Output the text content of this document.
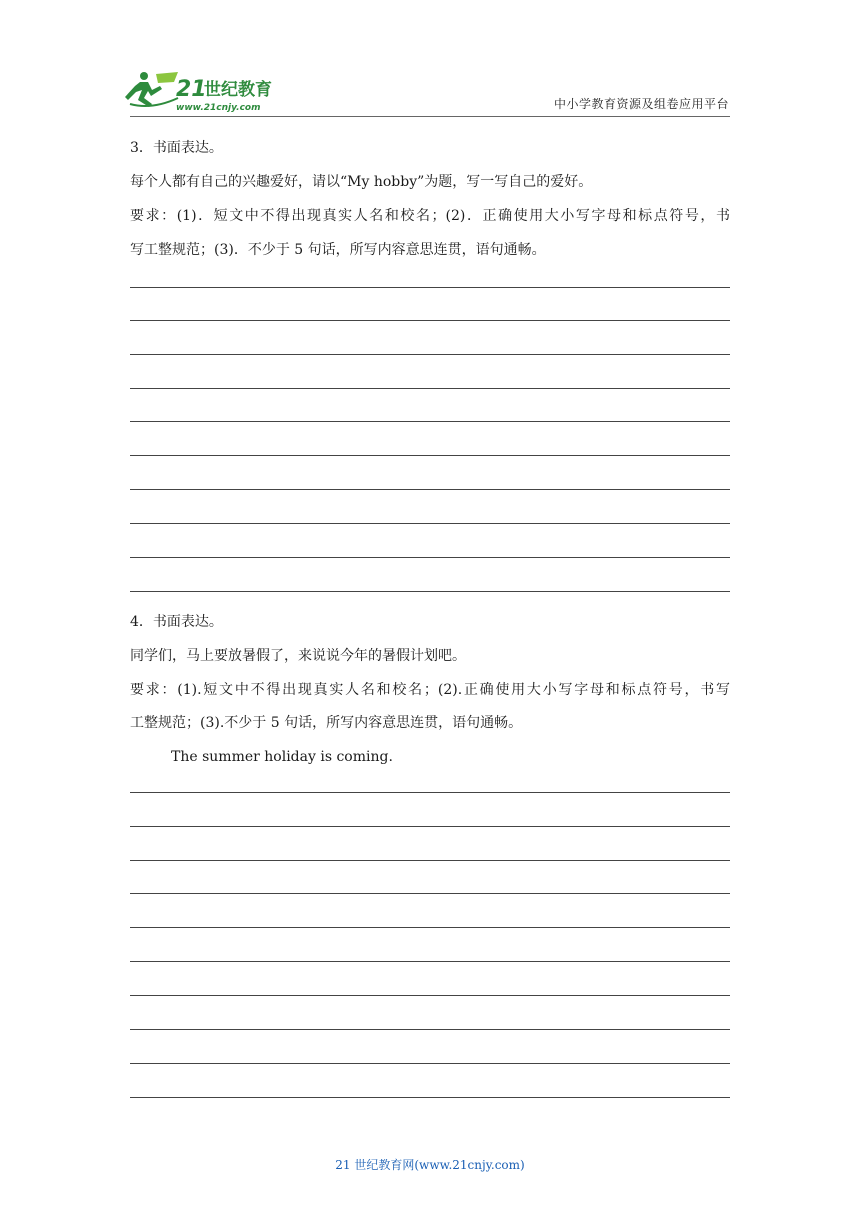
21
世纪教育
www.21cnjy.com	中小学教育资源及组卷应用平台
3．书面表达。
每个人都有自己的兴趣爱好，请以“My hobby”为题，写一写自己的爱好。
要求：(1)．短文中不得出现真实人名和校名；(2)．正确使用大小写字母和标点符号，书
写工整规范；(3)．不少于 5 句话，所写内容意思连贯，语句通畅。
4．书面表达。
同学们，马上要放暑假了，来说说今年的暑假计划吧。
要求：(1).短文中不得出现真实人名和校名；(2).正确使用大小写字母和标点符号，书写
工整规范；(3).不少于 5 句话，所写内容意思连贯，语句通畅。
The summer holiday is coming.
21 世纪教育网(www.21cnjy.com)
